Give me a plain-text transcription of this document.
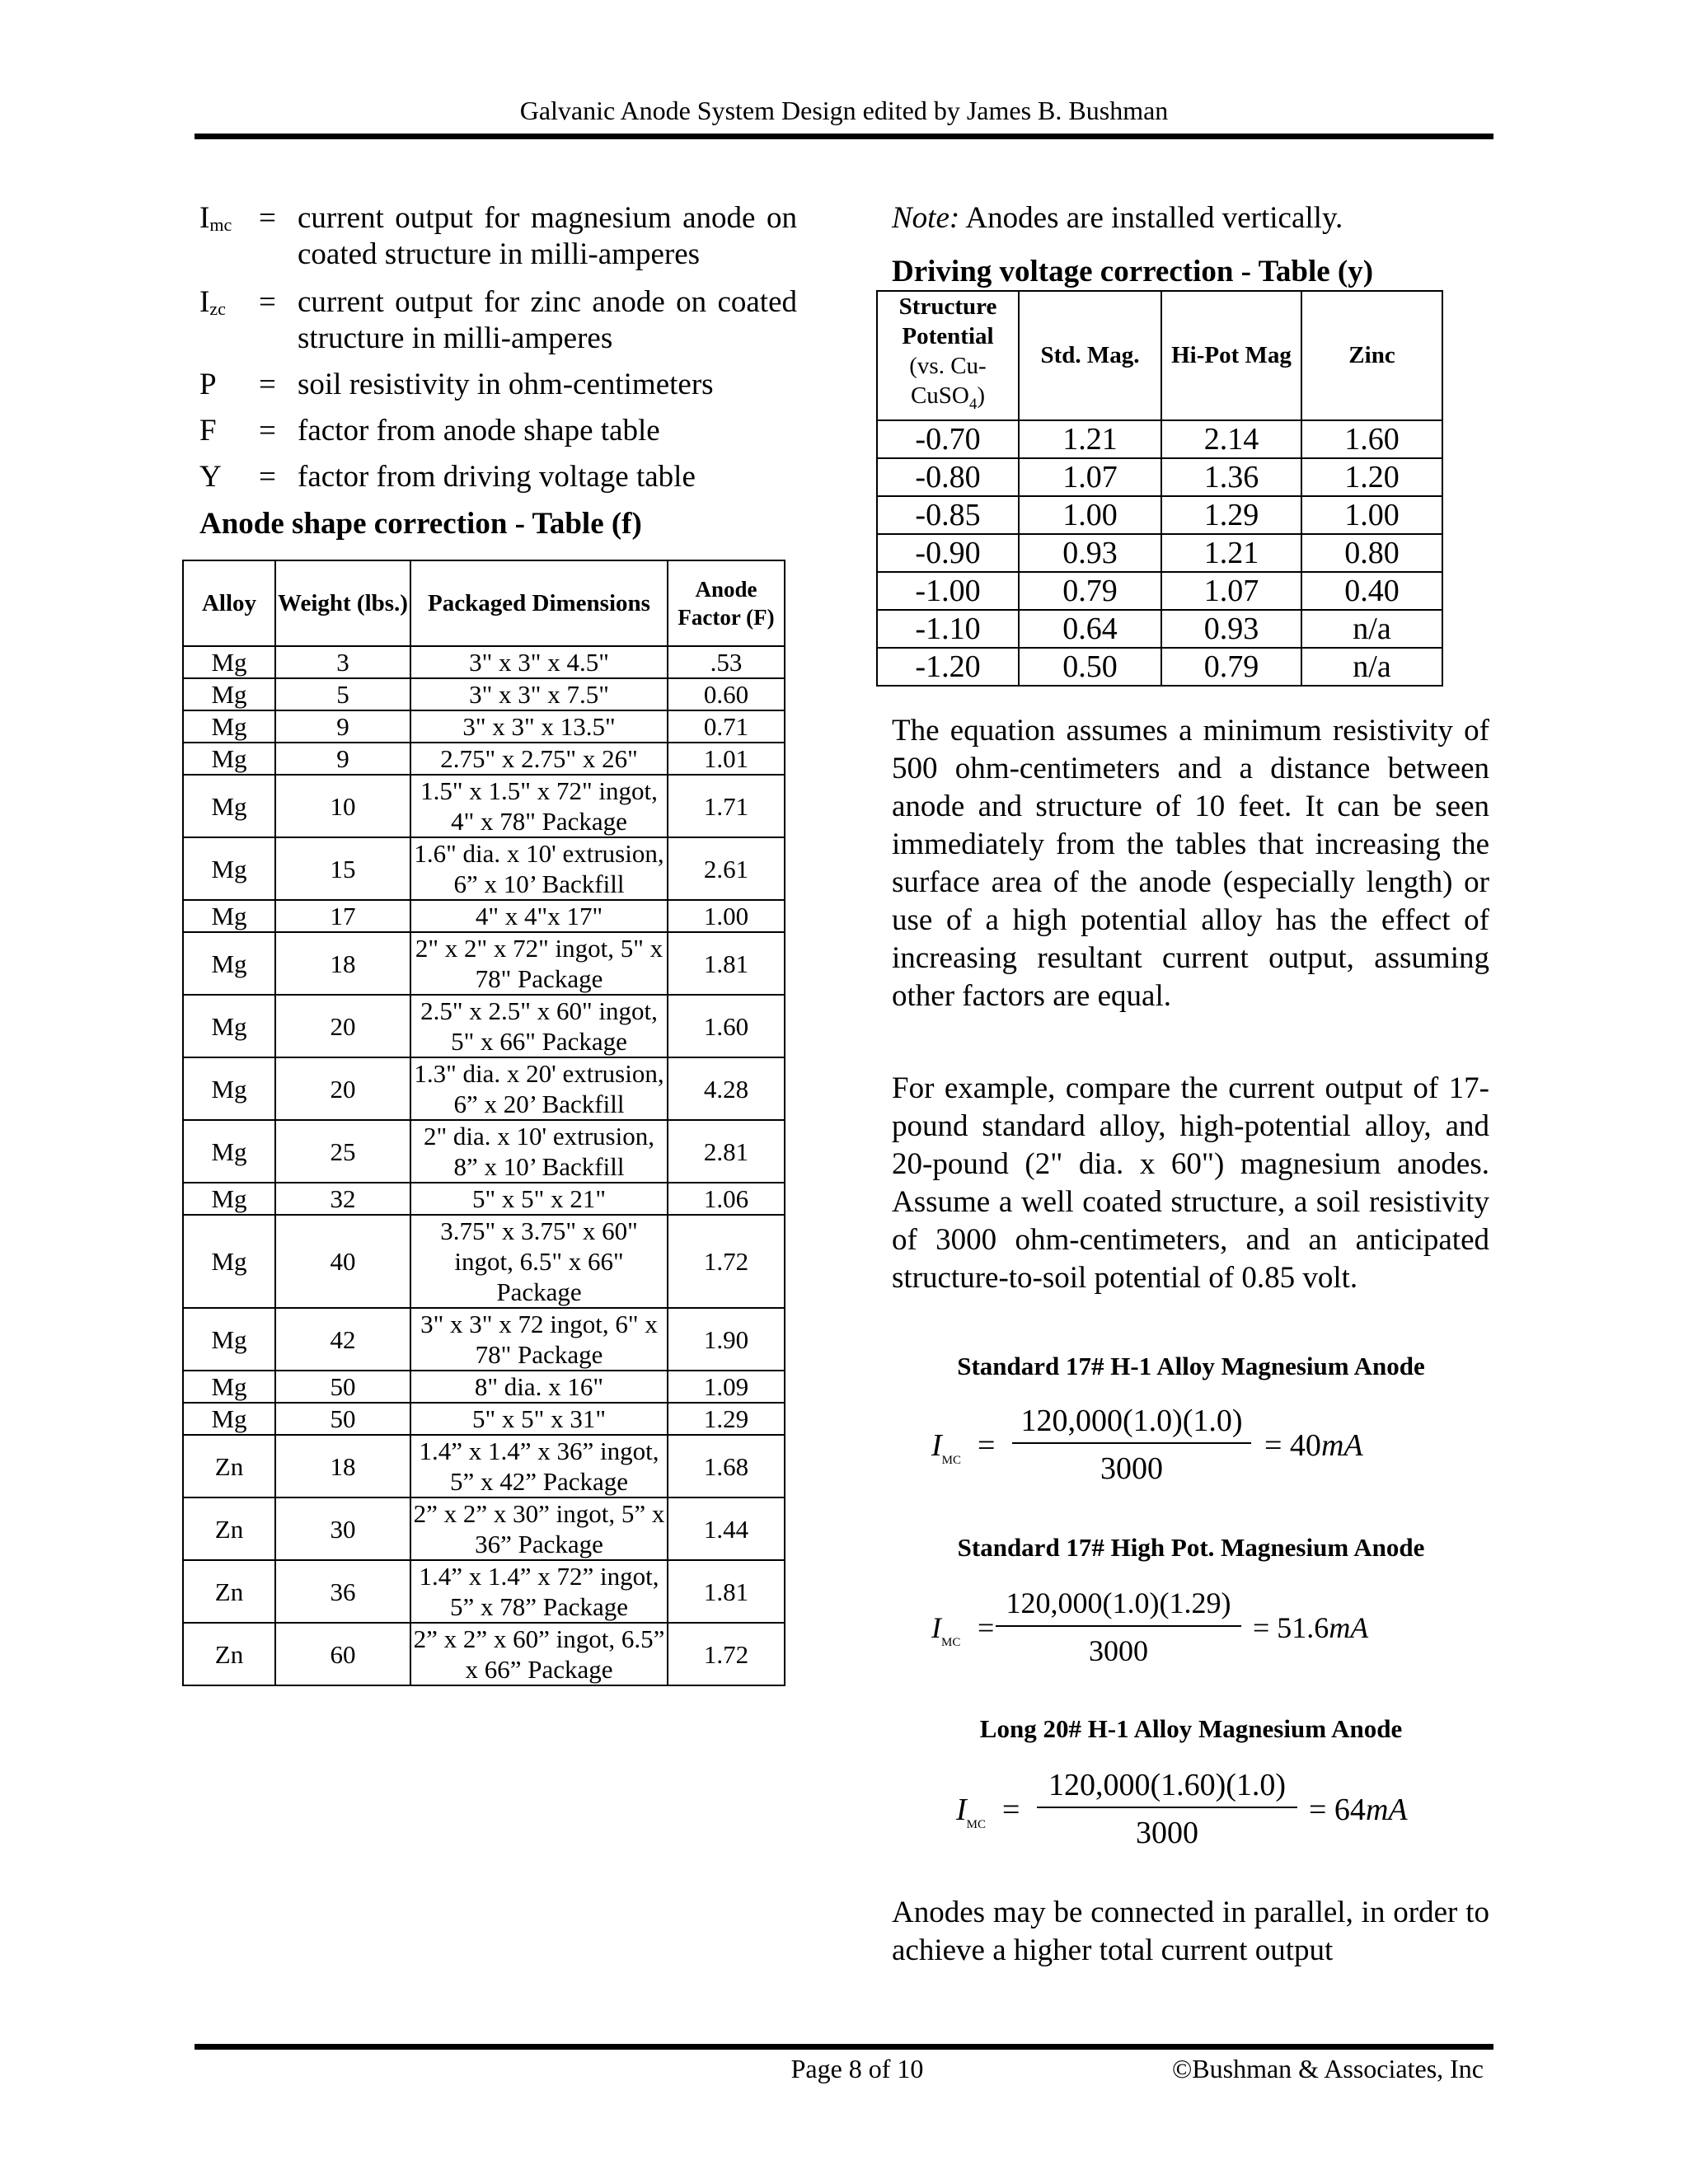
Galvanic Anode System Design edited by James B. Bushman
$I_{mc}$ = current output for magnesium anode on coated structure in milli-amperes
$I_{zc}$	= current output for zinc anode on coated structure in milli-amperes
P	= soil resistivity in ohm-centimeters
F	= factor from anode shape table
Y	= factor from driving voltage table
Anode shape correction - Table (f)
Alloy	Weight (lbs.)	Packaged Dimensions	Anode Factor (F)
Mg	3	3" x 3" x 4.5"	.53
Mg	5	3" x 3" x 7.5"	0.60
Mg	9	3" x 3" x 13.5"	0.71
Mg	9	2.75" x 2.75" x 26"	1.01
Mg	10	1.5" x 1.5" x 72" ingot, 4" x 78" Package	1.71
Mg	15	1.6" dia. x 10' extrusion, 6” x 10’ Backfill	2.61
Mg	17	4" x 4"x 17"	1.00
Mg	18	2" x 2" x 72" ingot, 5" x 78" Package	1.81
Mg	20	2.5" x 2.5" x 60" ingot, 5" x 66" Package	1.60
Mg	20	1.3" dia. x 20' extrusion, 6” x 20’ Backfill	4.28
Mg	25	2" dia. x 10' extrusion, 8” x 10’ Backfill	2.81
Mg	32	5" x 5" x 21"	1.06
Mg	40	3.75" x 3.75" x 60" ingot, 6.5" x 66" Package	1.72
Mg	42	3" x 3" x 72 ingot, 6" x 78" Package	1.90
Mg	50	8" dia. x 16"	1.09
Mg	50	5" x 5" x 31"	1.29
Zn	18	1.4” x 1.4” x 36” ingot, 5” x 42” Package	1.68
Zn	30	2” x 2” x 30” ingot, 5” x 36” Package	1.44
Zn	36	1.4” x 1.4” x 72” ingot, 5” x 78” Package	1.81
Zn	60	2” x 2” x 60” ingot, 6.5” x 66” Package	1.72
Note: Anodes are installed vertically.
Driving voltage correction - Table (y)
Structure Potential
(vs. Cu-CuSO$_4$)	Std. Mag.	Hi-Pot Mag	Zinc
-0.70	1.21	2.14	1.60
-0.80	1.07	1.36	1.20
-0.85	1.00	1.29	1.00
-0.90	0.93	1.21	0.80
-1.00	0.79	1.07	0.40
-1.10	0.64	0.93	n/a
-1.20	0.50	0.79	n/a
The equation assumes a minimum resistivity of 500 ohm-centimeters and a distance between anode and structure of 10 feet. It can be seen immediately from the tables that increasing the surface area of the anode (especially length) or use of a high potential alloy has the effect of increasing resultant current output, assuming other factors are equal.
For example, compare the current output of 17-pound standard alloy, high-potential alloy, and 20-pound (2" dia. x 60") magnesium anodes. Assume a well coated structure, a soil resistivity of 3000 ohm-centimeters, and an anticipated structure-to-soil potential of 0.85 volt.
Standard 17# H-1 Alloy Magnesium Anode
$I_{MC}$ =
120,000(1.0)(1.0)
3000
= 40mA
Standard 17# High Pot. Magnesium Anode
$I_{MC}$ =
120,000(1.0)(1.29)
3000
= 51.6mA
Long 20# H-1 Alloy Magnesium Anode
$I_{MC}$ =
120,000(1.60)(1.0)
3000
= 64mA
Anodes may be connected in parallel, in order to achieve a higher total current output
Page 8 of 10	©Bushman & Associates, Inc
